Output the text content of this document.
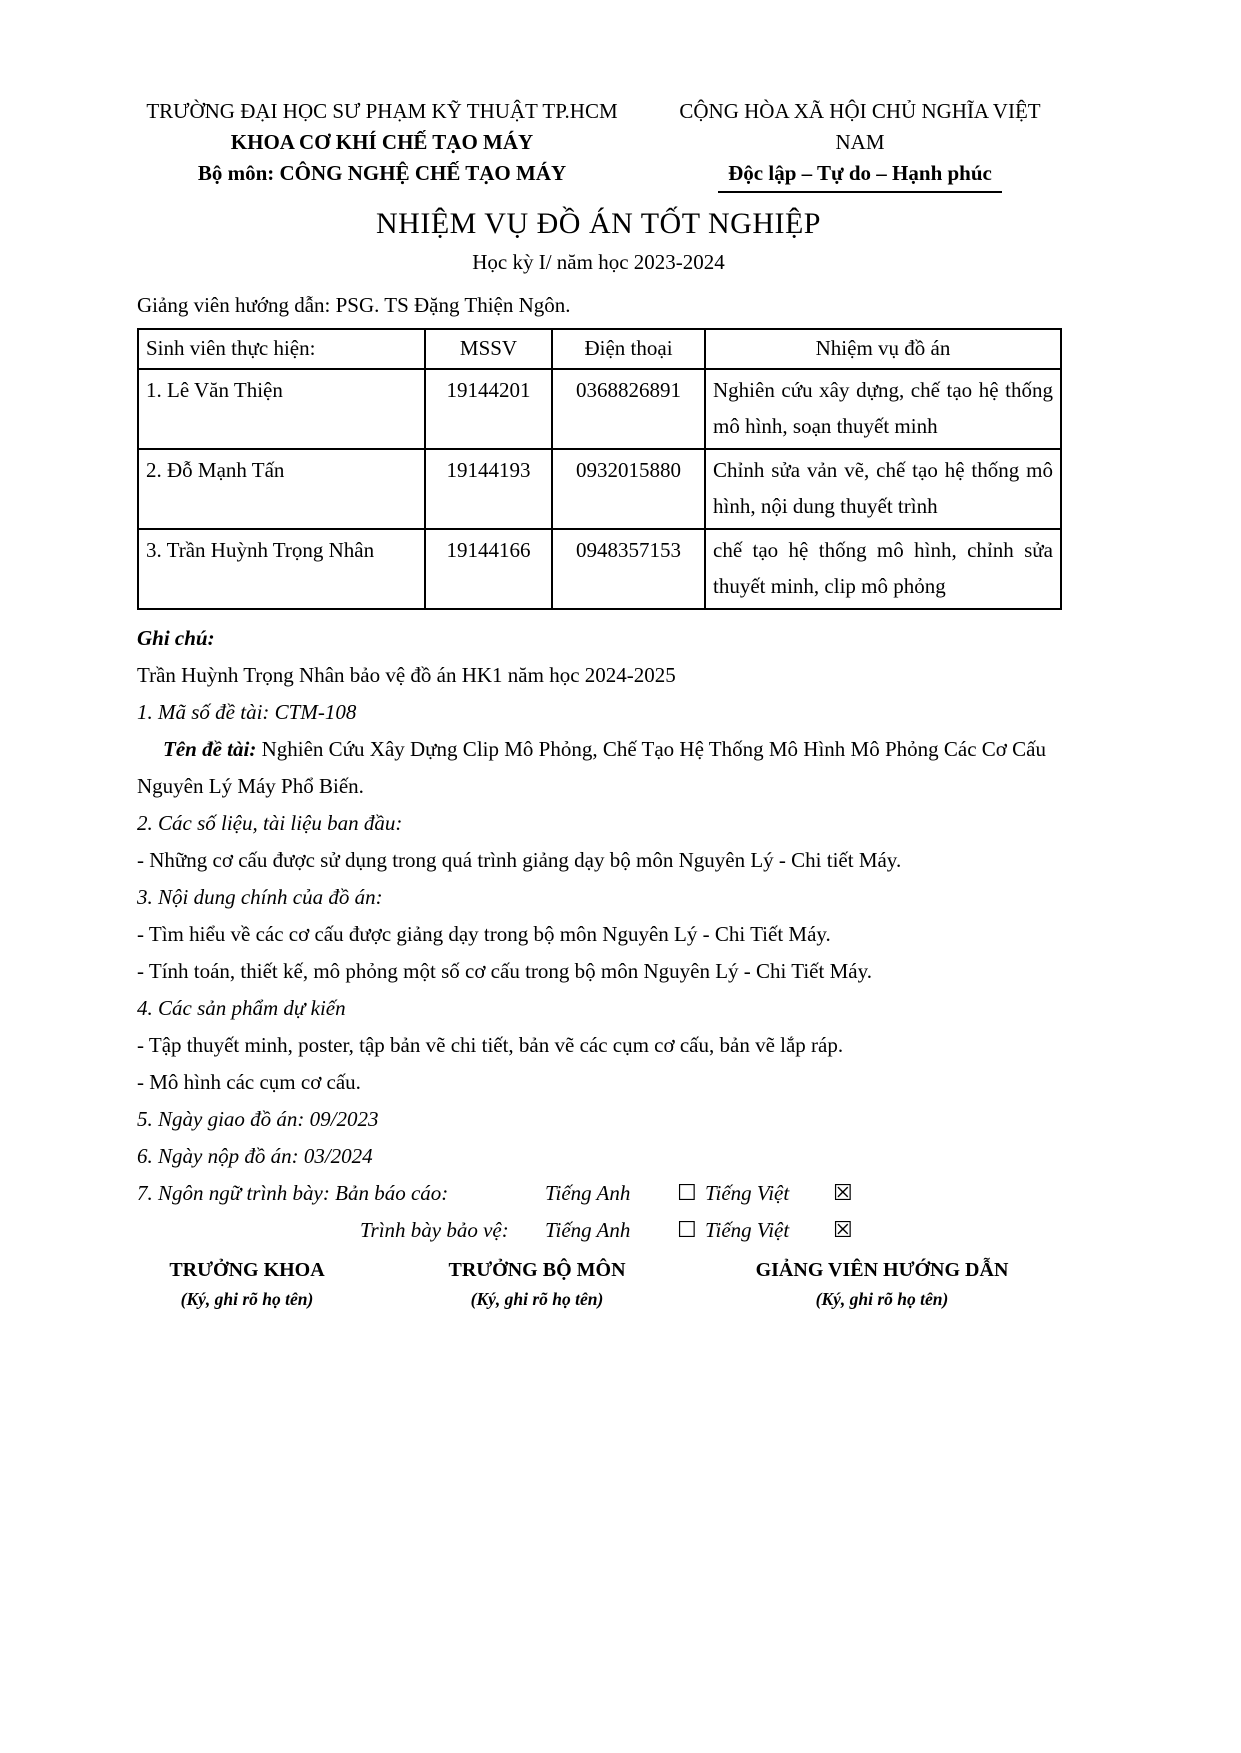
TRƯỜNG ĐẠI HỌC SƯ PHẠM KỸ THUẬT TP.HCM
KHOA CƠ KHÍ CHẾ TẠO MÁY
Bộ môn: CÔNG NGHỆ CHẾ TẠO MÁY
CỘNG HÒA XÃ HỘI CHỦ NGHĨA VIỆT NAM
Độc lập – Tự do – Hạnh phúc
NHIỆM VỤ ĐỒ ÁN TỐT NGHIỆP
Học kỳ I/ năm học 2023-2024
Giảng viên hướng dẫn: PSG. TS Đặng Thiện Ngôn.
Sinh viên thực hiện:	MSSV	Điện thoại	Nhiệm vụ đồ án
1. Lê Văn Thiện	19144201	0368826891	Nghiên cứu xây dựng, chế tạo hệ thống mô hình, soạn thuyết minh
2. Đỗ Mạnh Tấn	19144193	0932015880	Chỉnh sửa vản vẽ, chế tạo hệ thống mô hình, nội dung thuyết trình
3. Trần Huỳnh Trọng Nhân	19144166	0948357153	chế tạo hệ thống mô hình, chỉnh sửa thuyết minh, clip mô phỏng
Ghi chú:
Trần Huỳnh Trọng Nhân bảo vệ đồ án HK1 năm học 2024-2025
1. Mã số đề tài: CTM-108
Tên đề tài: Nghiên Cứu Xây Dựng Clip Mô Phỏng, Chế Tạo Hệ Thống Mô Hình Mô Phỏng Các Cơ Cấu Nguyên Lý Máy Phổ Biến.
2. Các số liệu, tài liệu ban đầu:
- Những cơ cấu được sử dụng trong quá trình giảng dạy bộ môn Nguyên Lý - Chi tiết Máy.
3. Nội dung chính của đồ án:
- Tìm hiểu về các cơ cấu được giảng dạy trong bộ môn Nguyên Lý - Chi Tiết Máy.
- Tính toán, thiết kế, mô phỏng một số cơ cấu trong bộ môn Nguyên Lý - Chi Tiết Máy.
4. Các sản phẩm dự kiến
- Tập thuyết minh, poster, tập bản vẽ chi tiết, bản vẽ các cụm cơ cấu, bản vẽ lắp ráp.
- Mô hình các cụm cơ cấu.
5. Ngày giao đồ án: 09/2023
6. Ngày nộp đồ án: 03/2024
7. Ngôn ngữ trình bày: Bản báo cáo:	Tiếng Anh ☐ Tiếng Việt ☒
Trình bày bảo vệ: Tiếng Anh ☐ Tiếng Việt ☒
TRƯỞNG KHOA
(Ký, ghi rõ họ tên)
TRƯỞNG BỘ MÔN
(Ký, ghi rõ họ tên)
GIẢNG VIÊN HƯỚNG DẪN
(Ký, ghi rõ họ tên)
